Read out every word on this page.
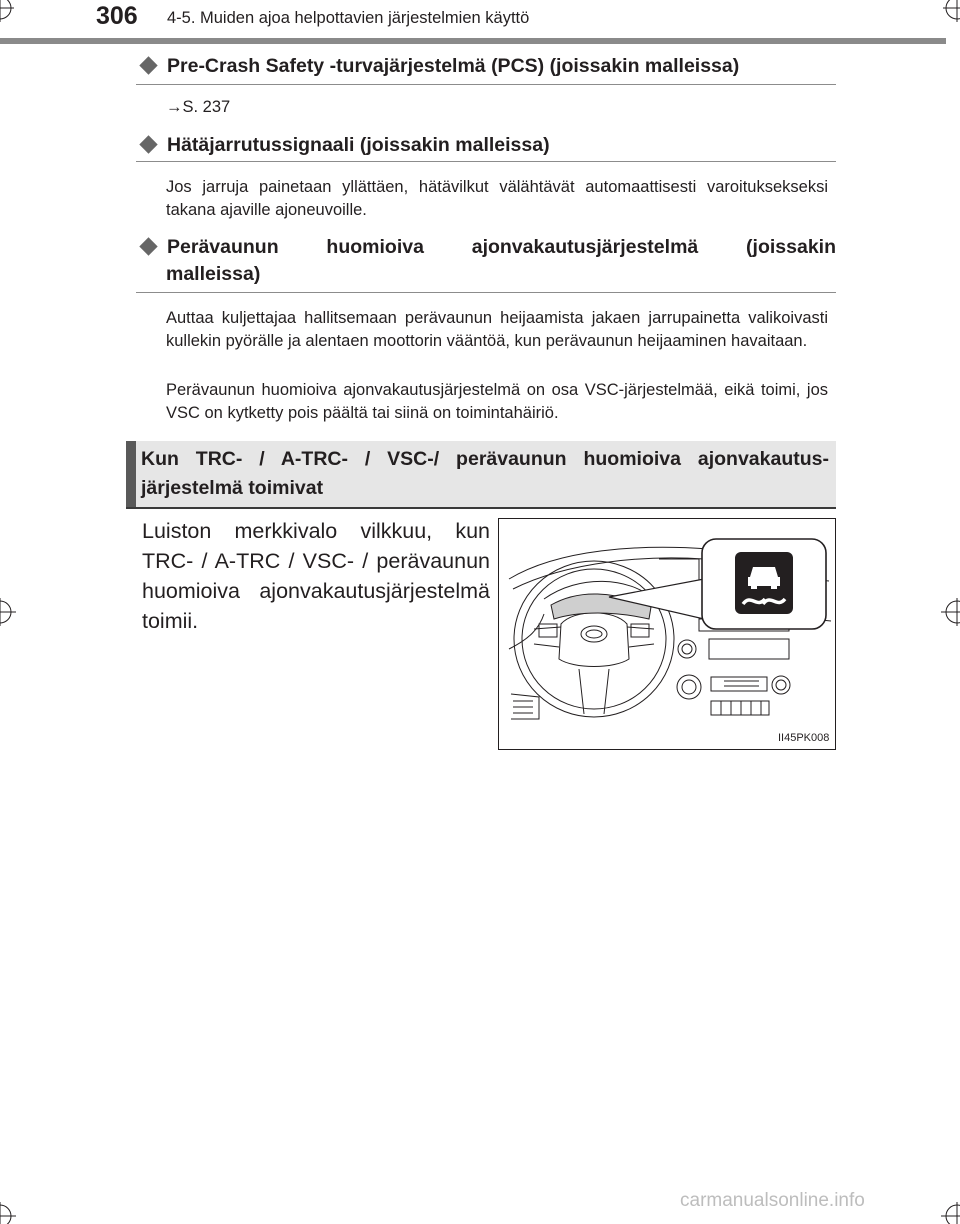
306 4-5. Muiden ajoa helpottavien järjestelmien käyttö
Pre-Crash Safety -turvajärjestelmä (PCS) (joissakin malleissa)
→S. 237
Hätäjarrutussignaali (joissakin malleissa)
Jos jarruja painetaan yllättäen, hätävilkut välähtävät automaattisesti varoituksekseksi takana ajaville ajoneuvoille.
Perävaunun huomioiva ajonvakautusjärjestelmä (joissakin
malleissa)
Auttaa kuljettajaa hallitsemaan perävaunun heijaamista jakaen jarrupainetta valikoivasti kullekin pyörälle ja alentaen moottorin vääntöä, kun perävaunun heijaaminen havaitaan.
Perävaunun huomioiva ajonvakautusjärjestelmä on osa VSC-järjestelmää, eikä toimi, jos VSC on kytketty pois päältä tai siinä on toimintahäiriö.
Kun TRC- / A-TRC- / VSC-/ perävaunun huomioiva ajonvakautus-järjestelmä toimivat
Luiston merkkivalo vilkkuu, kun TRC- / A-TRC / VSC- / perävaunun huomioiva ajonvakautusjärjestelmä toimii.
II45PK008
carmanualsonline.info
